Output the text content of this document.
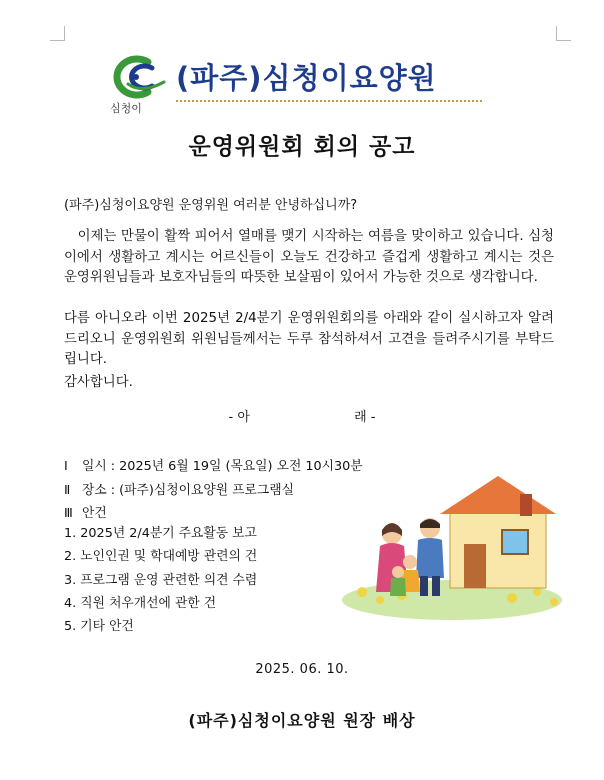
심청이
(파주)심청이요양원
운영위원회 회의 공고
(파주)심청이요양원 운영위원 여러분 안녕하십니까?

이제는 만물이 활짝 피어서 열매를 맺기 시작하는 여름을 맞이하고 있습니다. 심청이에서 생활하고 계시는 어르신들이 오늘도 건강하고 즐겁게 생활하고 계시는 것은 운영위원님들과 보호자님들의 따뜻한 보살핌이 있어서 가능한 것으로 생각합니다.

다름 아니오라 이번 2025년 2/4분기 운영위원회의를 아래와 같이 실시하고자 알려 드리오니 운영위원회 위원님들께서는 두루 참석하셔서 고견을 들려주시기를 부탁드립니다.

감사합니다.
- 아	래 -
Ⅰ 일시 : 2025년 6월 19일 (목요일) 오전 10시30분
Ⅱ 장소 : (파주)심청이요양원 프로그램실
Ⅲ 안건
1. 2025년 2/4분기 주요활동 보고
2. 노인인권 및 학대예방 관련의 건
3. 프로그램 운영 관련한 의견 수렴
4. 직원 처우개선에 관한 건
5. 기타 안건
2025. 06. 10.
(파주)심청이요양원 원장 배상
